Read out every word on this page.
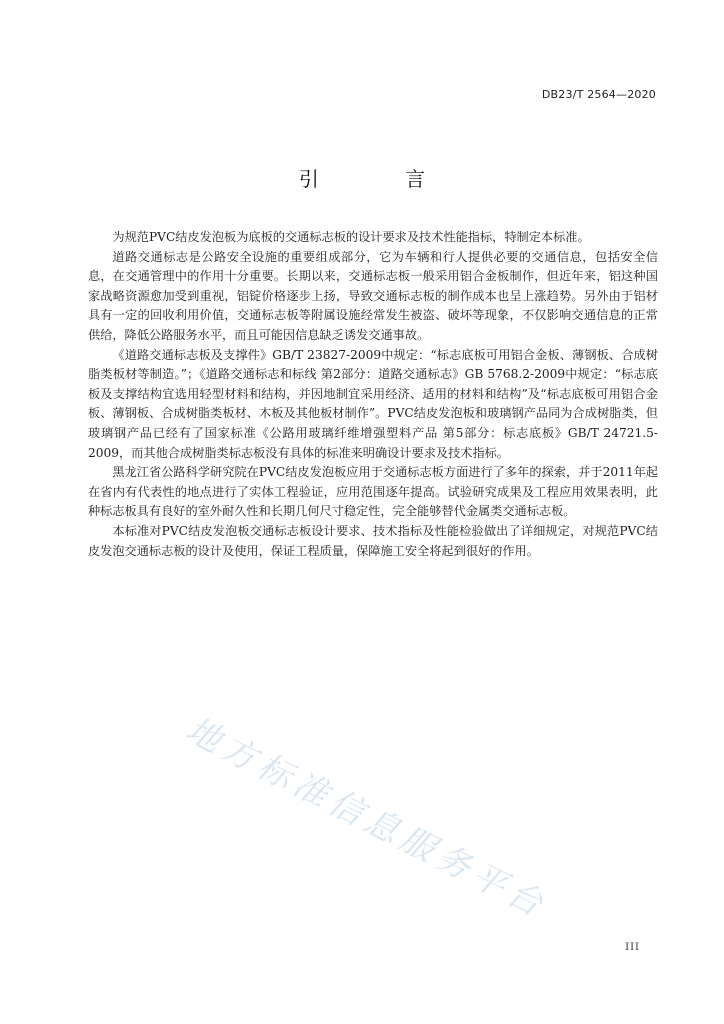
DB23/T 2564—2020
引 言

为规范PVC结皮发泡板为底板的交通标志板的设计要求及技术性能指标，特制定本标准。

道路交通标志是公路安全设施的重要组成部分，它为车辆和行人提供必要的交通信息，包括安全信息，在交通管理中的作用十分重要。长期以来，交通标志板一般采用铝合金板制作，但近年来，铝这种国家战略资源愈加受到重视，铝锭价格逐步上扬，导致交通标志板的制作成本也呈上涨趋势。另外由于铝材具有一定的回收利用价值，交通标志板等附属设施经常发生被盗、破坏等现象，不仅影响交通信息的正常供给，降低公路服务水平，而且可能因信息缺乏诱发交通事故。

《道路交通标志板及支撑件》GB/T 23827-2009中规定：“标志底板可用铝合金板、薄钢板、合成树脂类板材等制造。”；《道路交通标志和标线 第2部分：道路交通标志》GB 5768.2-2009中规定：“标志底板及支撑结构宜选用轻型材料和结构，并因地制宜采用经济、适用的材料和结构”及“标志底板可用铝合金板、薄钢板、合成树脂类板材、木板及其他板材制作”。PVC结皮发泡板和玻璃钢产品同为合成树脂类，但玻璃钢产品已经有了国家标准《公路用玻璃纤维增强塑料产品 第5部分：标志底板》GB/T 24721.5-2009，而其他合成树脂类标志板没有具体的标准来明确设计要求及技术指标。

黑龙江省公路科学研究院在PVC结皮发泡板应用于交通标志板方面进行了多年的探索，并于2011年起在省内有代表性的地点进行了实体工程验证，应用范围逐年提高。试验研究成果及工程应用效果表明，此种标志板具有良好的室外耐久性和长期几何尺寸稳定性，完全能够替代金属类交通标志板。

本标准对PVC结皮发泡板交通标志板设计要求、技术指标及性能检验做出了详细规定，对规范PVC结皮发泡交通标志板的设计及使用，保证工程质量，保障施工安全将起到很好的作用。

地方标准信息服务平台
III
